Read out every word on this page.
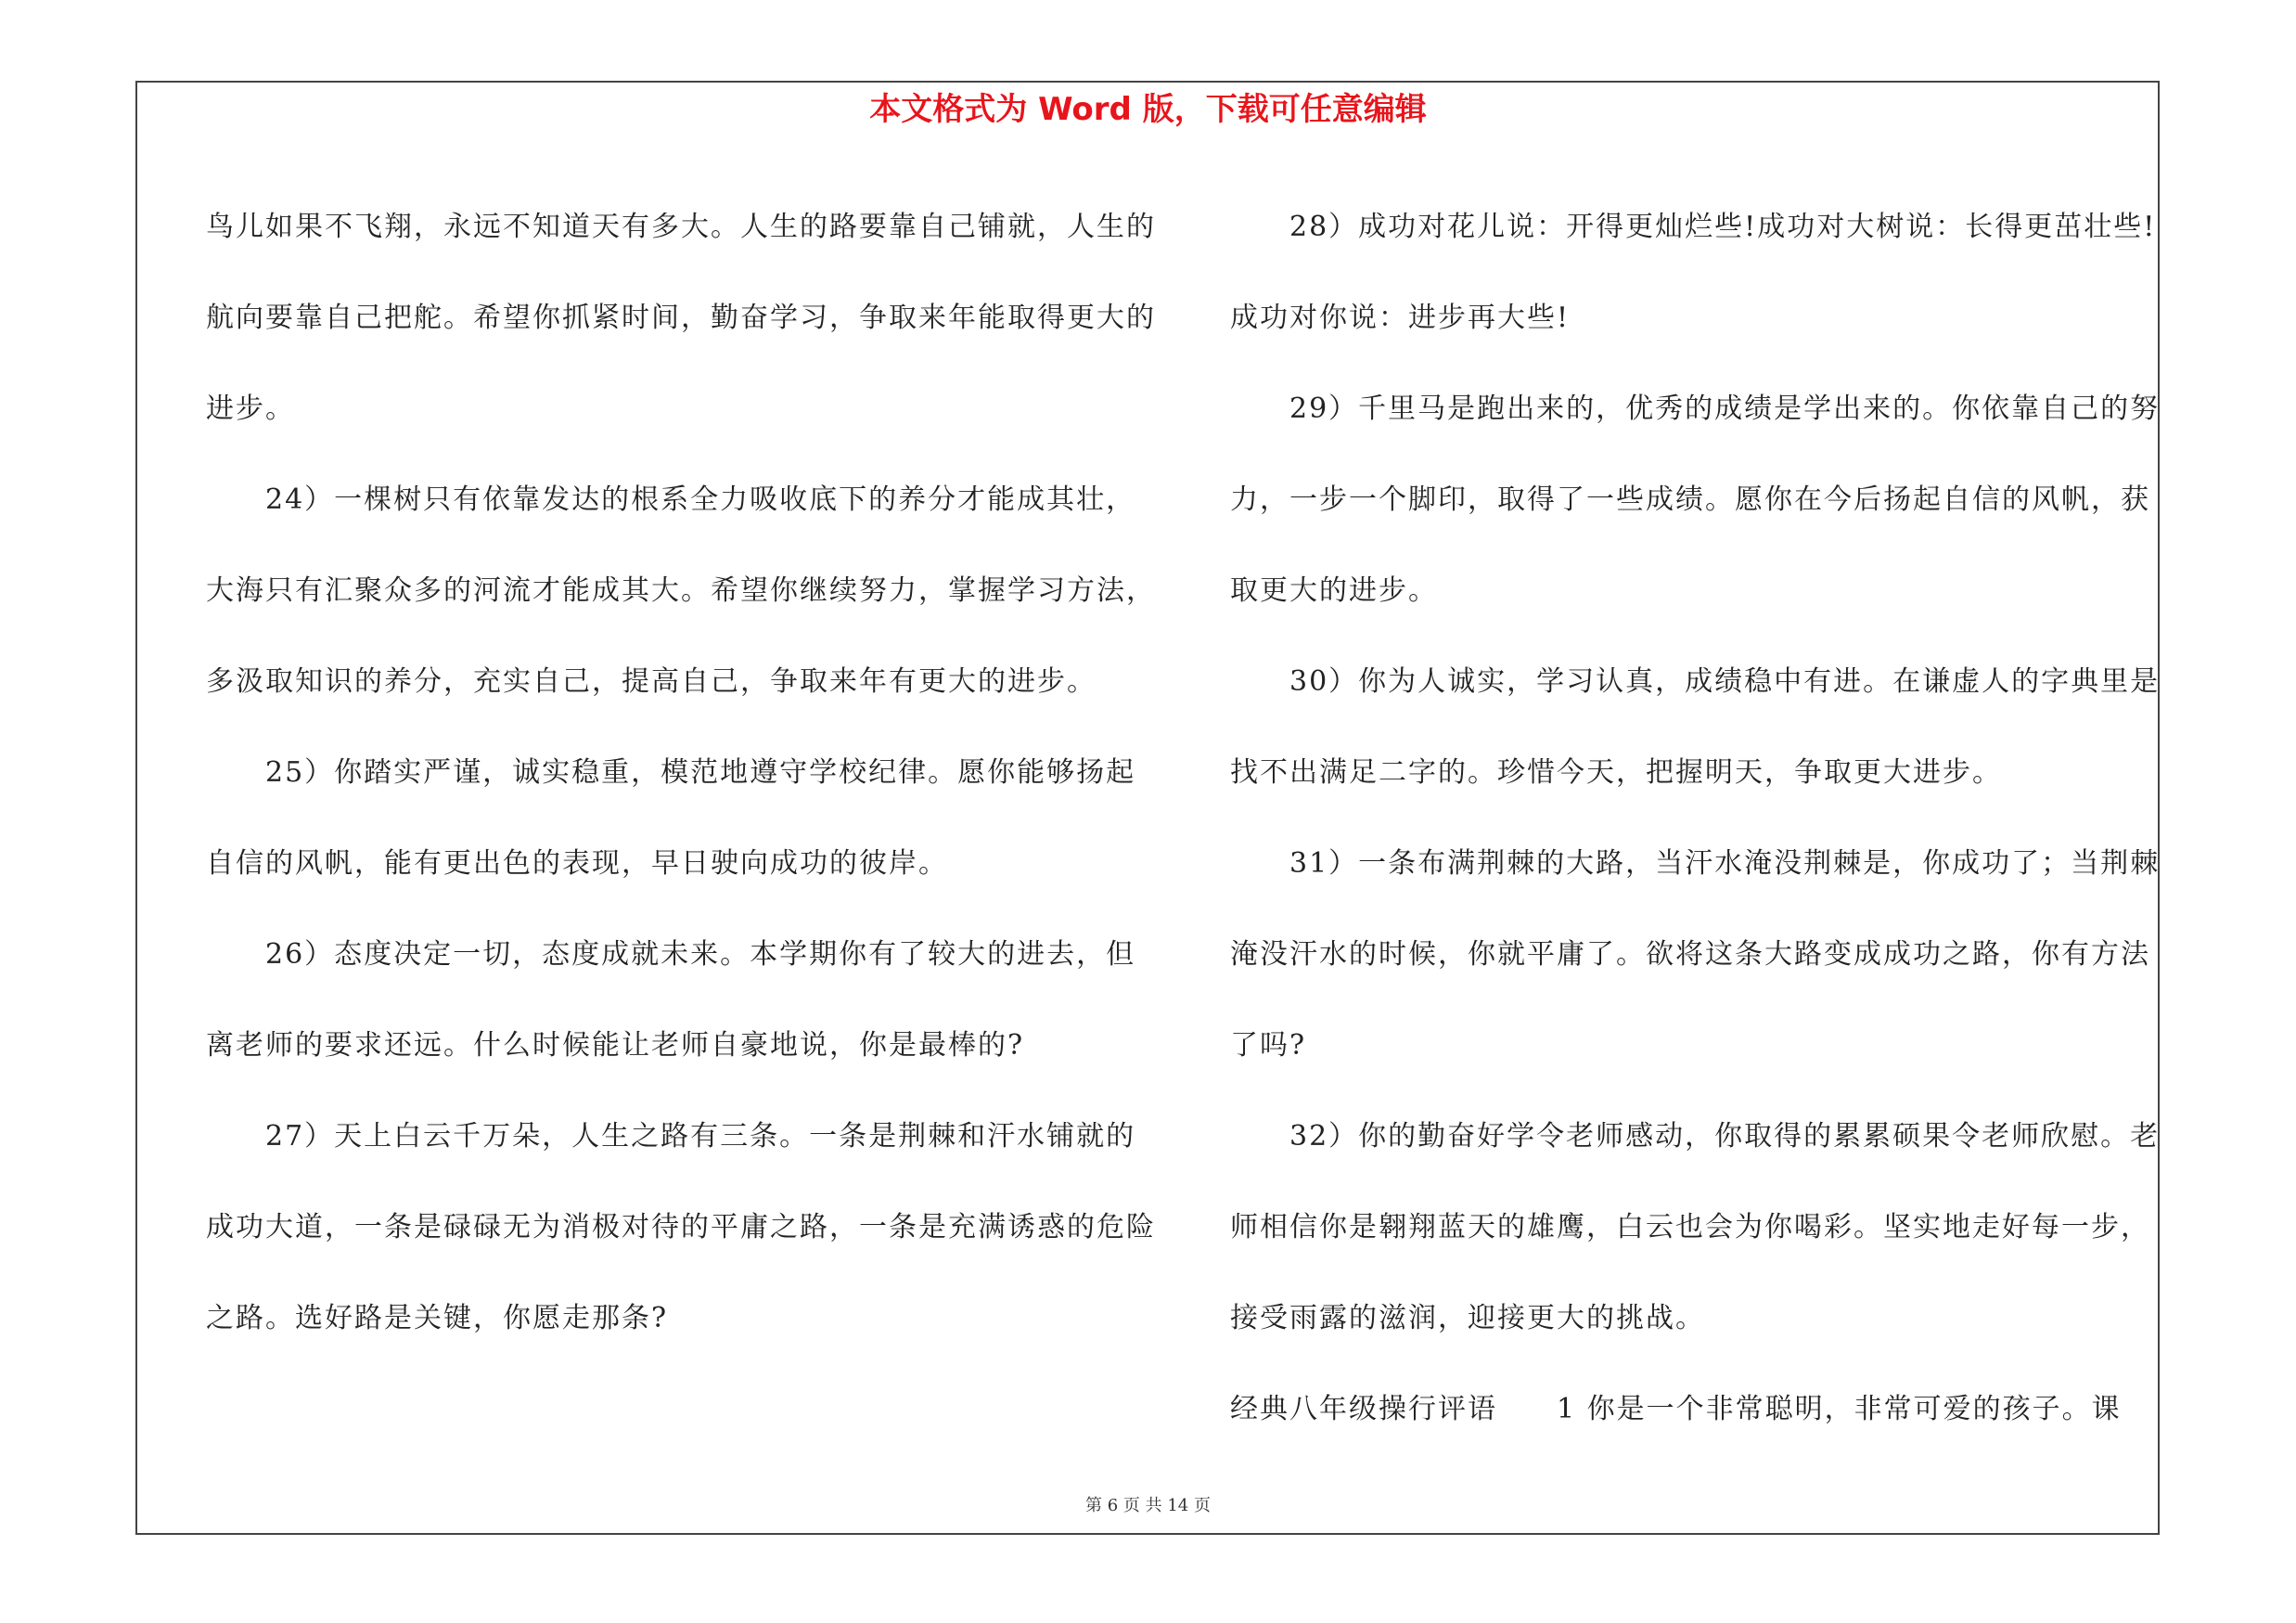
本文格式为 Word 版，下载可任意编辑

鸟儿如果不飞翔，永远不知道天有多大。人生的路要靠自己铺就，人生的航向要靠自己把舵。希望你抓紧时间，勤奋学习，争取来年能取得更大的进步。

24）一棵树只有依靠发达的根系全力吸收底下的养分才能成其壮，大海只有汇聚众多的河流才能成其大。希望你继续努力，掌握学习方法，多汲取知识的养分，充实自己，提高自己，争取来年有更大的进步。

25）你踏实严谨，诚实稳重，模范地遵守学校纪律。愿你能够扬起自信的风帆，能有更出色的表现，早日驶向成功的彼岸。

26）态度决定一切，态度成就未来。本学期你有了较大的进去，但离老师的要求还远。什么时候能让老师自豪地说，你是最棒的?

27）天上白云千万朵，人生之路有三条。一条是荆棘和汗水铺就的成功大道，一条是碌碌无为消极对待的平庸之路，一条是充满诱惑的危险之路。选好路是关键，你愿走那条?

28）成功对花儿说：开得更灿烂些!成功对大树说：长得更茁壮些!成功对你说：进步再大些!

29）千里马是跑出来的，优秀的成绩是学出来的。你依靠自己的努力，一步一个脚印，取得了一些成绩。愿你在今后扬起自信的风帆，获取更大的进步。

30）你为人诚实，学习认真，成绩稳中有进。在谦虚人的字典里是找不出满足二字的。珍惜今天，把握明天，争取更大进步。

31）一条布满荆棘的大路，当汗水淹没荆棘是，你成功了；当荆棘淹没汗水的时候，你就平庸了。欲将这条大路变成成功之路，你有方法了吗?

32）你的勤奋好学令老师感动，你取得的累累硕果令老师欣慰。老师相信你是翱翔蓝天的雄鹰，白云也会为你喝彩。坚实地走好每一步，接受雨露的滋润，迎接更大的挑战。

经典八年级操行评语　　1 你是一个非常聪明，非常可爱的孩子。课

第 6 页 共 14 页
